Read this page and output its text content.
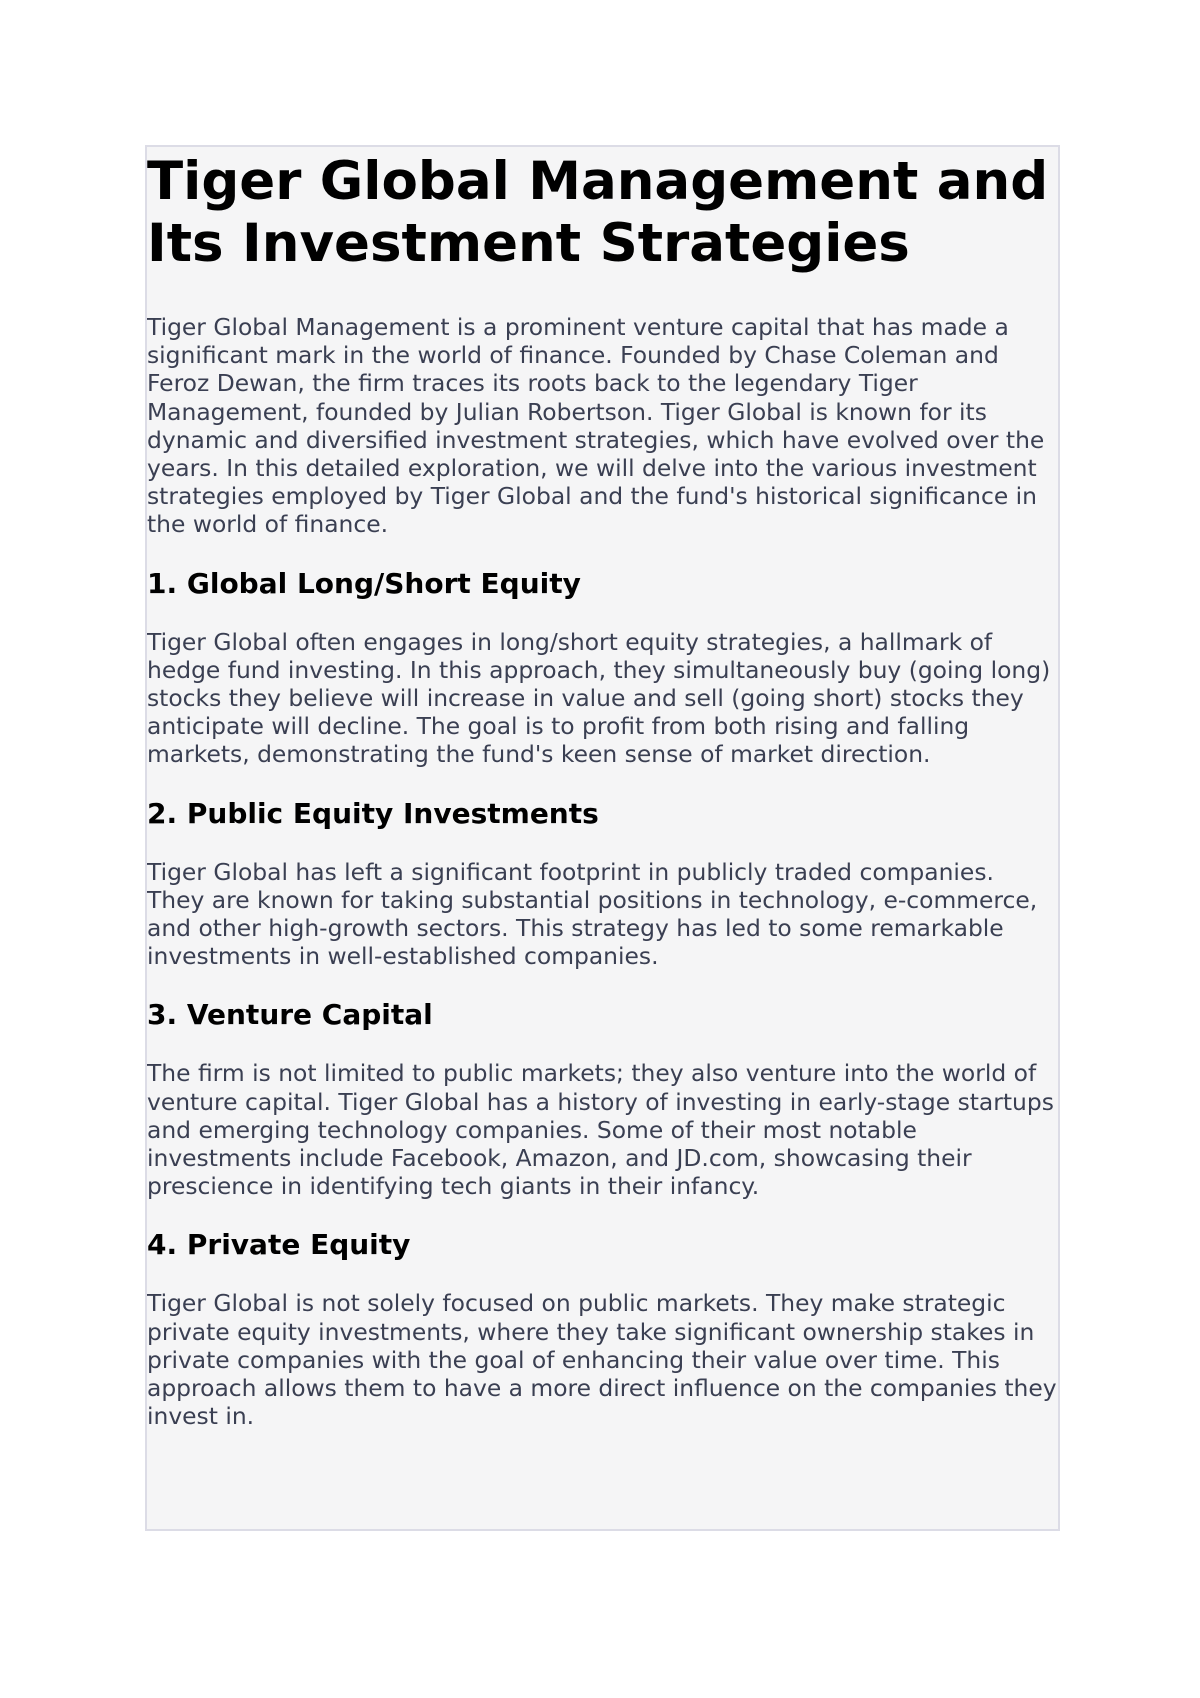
Tiger Global Management and Its Investment Strategies

Tiger Global Management is a prominent venture capital that has made a significant mark in the world of finance. Founded by Chase Coleman and Feroz Dewan, the firm traces its roots back to the legendary Tiger Management, founded by Julian Robertson. Tiger Global is known for its dynamic and diversified investment strategies, which have evolved over the years. In this detailed exploration, we will delve into the various investment strategies employed by Tiger Global and the fund's historical significance in the world of finance.

1. Global Long/Short Equity

Tiger Global often engages in long/short equity strategies, a hallmark of hedge fund investing. In this approach, they simultaneously buy (going long) stocks they believe will increase in value and sell (going short) stocks they anticipate will decline. The goal is to profit from both rising and falling markets, demonstrating the fund's keen sense of market direction.

2. Public Equity Investments

Tiger Global has left a significant footprint in publicly traded companies. They are known for taking substantial positions in technology, e-commerce, and other high-growth sectors. This strategy has led to some remarkable investments in well-established companies.

3. Venture Capital

The firm is not limited to public markets; they also venture into the world of venture capital. Tiger Global has a history of investing in early-stage startups and emerging technology companies. Some of their most notable investments include Facebook, Amazon, and JD.com, showcasing their prescience in identifying tech giants in their infancy.

4. Private Equity

Tiger Global is not solely focused on public markets. They make strategic private equity investments, where they take significant ownership stakes in private companies with the goal of enhancing their value over time. This approach allows them to have a more direct influence on the companies they invest in.
